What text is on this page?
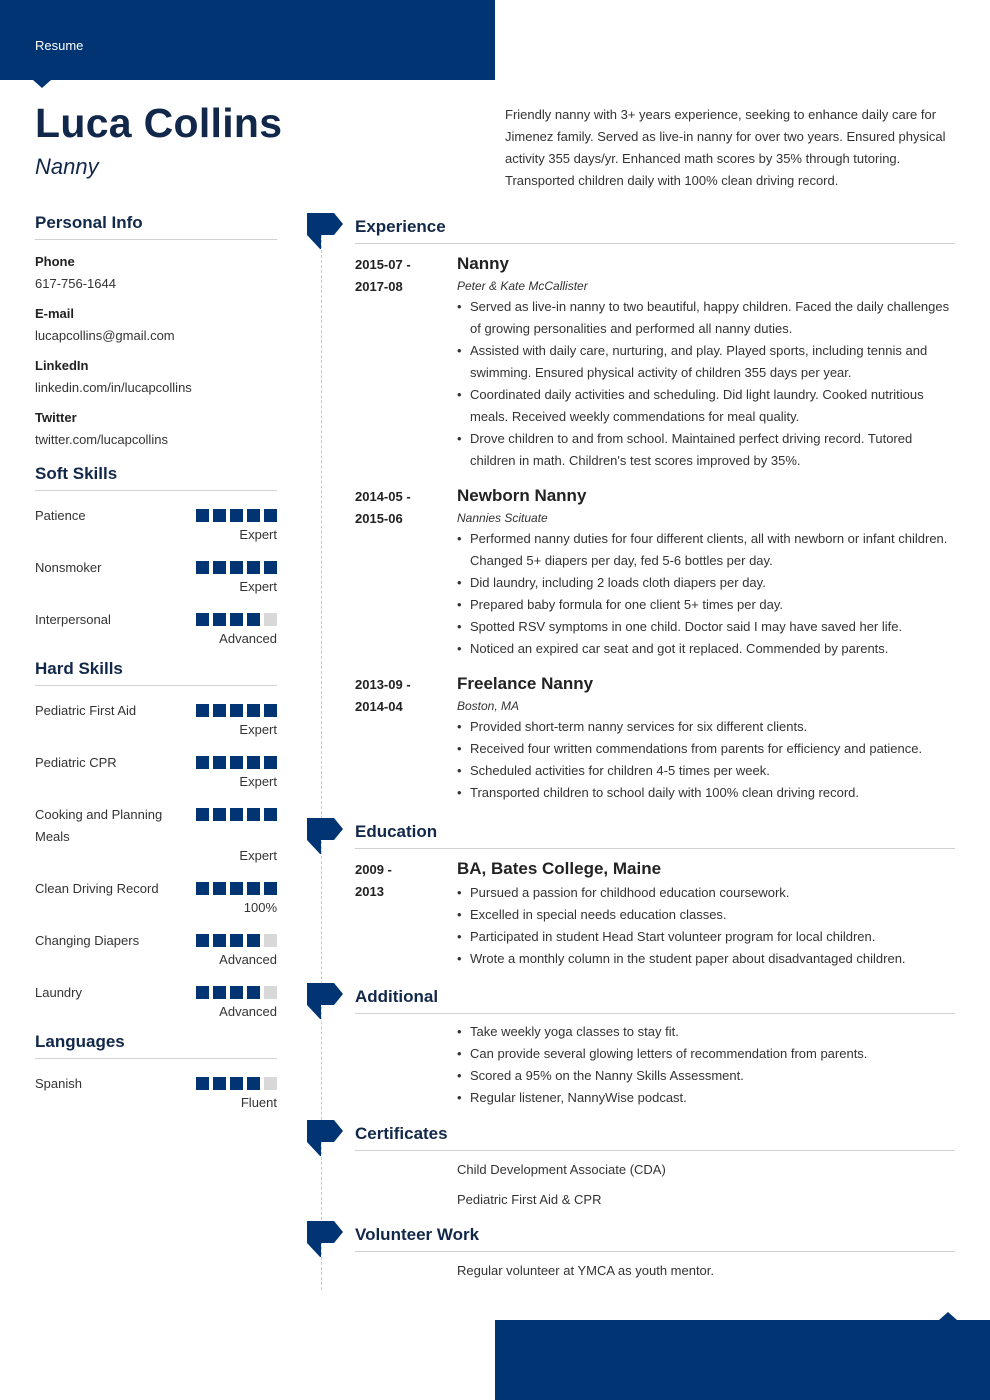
Resume
Luca Collins
Nanny
Friendly nanny with 3+ years experience, seeking to enhance daily care for Jimenez family. Served as live-in nanny for over two years. Ensured physical activity 355 days/yr. Enhanced math scores by 35% through tutoring. Transported children daily with 100% clean driving record.
Personal Info
Phone
617-756-1644
E-mail
lucapcollins@gmail.com
LinkedIn
linkedin.com/in/lucapcollins
Twitter
twitter.com/lucapcollins
Soft Skills
Patience
Expert
Nonsmoker
Expert
Interpersonal
Advanced
Hard Skills
Pediatric First Aid
Expert
Pediatric CPR
Expert
Cooking and Planning Meals
Expert
Clean Driving Record
100%
Changing Diapers
Advanced
Laundry
Advanced
Languages
Spanish
Fluent
Experience
2015-07 -
2017-08
Nanny
Peter & Kate McCallister
• Served as live-in nanny to two beautiful, happy children. Faced the daily challenges of growing personalities and performed all nanny duties.
• Assisted with daily care, nurturing, and play. Played sports, including tennis and swimming. Ensured physical activity of children 355 days per year.
• Coordinated daily activities and scheduling. Did light laundry. Cooked nutritious meals. Received weekly commendations for meal quality.
• Drove children to and from school. Maintained perfect driving record. Tutored children in math. Children's test scores improved by 35%.
2014-05 -
2015-06
Newborn Nanny
Nannies Scituate
• Performed nanny duties for four different clients, all with newborn or infant children. Changed 5+ diapers per day, fed 5-6 bottles per day.
• Did laundry, including 2 loads cloth diapers per day.
• Prepared baby formula for one client 5+ times per day.
• Spotted RSV symptoms in one child. Doctor said I may have saved her life.
• Noticed an expired car seat and got it replaced. Commended by parents.
2013-09 -
2014-04
Freelance Nanny
Boston, MA
• Provided short-term nanny services for six different clients.
• Received four written commendations from parents for efficiency and patience.
• Scheduled activities for children 4-5 times per week.
• Transported children to school daily with 100% clean driving record.
Education
2009 -
2013
BA, Bates College, Maine
• Pursued a passion for childhood education coursework.
• Excelled in special needs education classes.
• Participated in student Head Start volunteer program for local children.
• Wrote a monthly column in the student paper about disadvantaged children.
Additional
• Take weekly yoga classes to stay fit.
• Can provide several glowing letters of recommendation from parents.
• Scored a 95% on the Nanny Skills Assessment.
• Regular listener, NannyWise podcast.
Certificates
Child Development Associate (CDA)
Pediatric First Aid & CPR
Volunteer Work
Regular volunteer at YMCA as youth mentor.
